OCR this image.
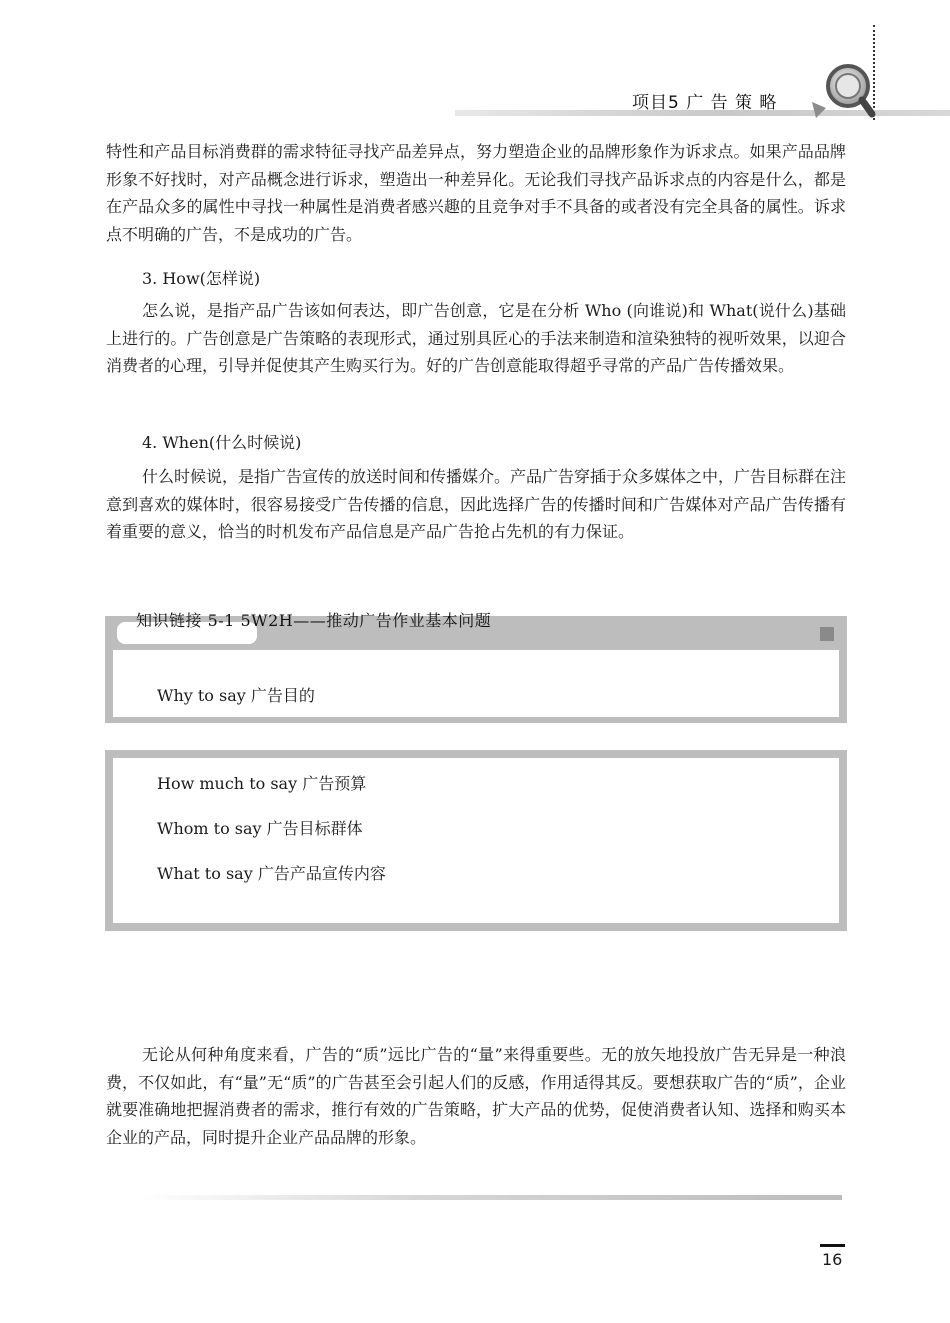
项目5 广 告 策 略

特性和产品目标消费群的需求特征寻找产品差异点，努力塑造企业的品牌形象作为诉求点。如果产品品牌形象不好找时，对产品概念进行诉求，塑造出一种差异化。无论我们寻找产品诉求点的内容是什么，都是在产品众多的属性中寻找一种属性是消费者感兴趣的且竞争对手不具备的或者没有完全具备的属性。诉求点不明确的广告，不是成功的广告。

3. How(怎样说)

怎么说，是指产品广告该如何表达，即广告创意，它是在分析 Who (向谁说)和 What(说什么)基础上进行的。广告创意是广告策略的表现形式，通过别具匠心的手法来制造和渲染独特的视听效果，以迎合消费者的心理，引导并促使其产生购买行为。好的广告创意能取得超乎寻常的产品广告传播效果。

4. When(什么时候说)

什么时候说，是指广告宣传的放送时间和传播媒介。产品广告穿插于众多媒体之中，广告目标群在注意到喜欢的媒体时，很容易接受广告传播的信息，因此选择广告的传播时间和广告媒体对产品广告传播有着重要的意义，恰当的时机发布产品信息是产品广告抢占先机的有力保证。

知识链接 5-1 5W2H——推动广告作业基本问题
Why to say 广告目的
How much to say 广告预算
Whom to say 广告目标群体
What to say 广告产品宣传内容

无论从何种角度来看，广告的“质”远比广告的“量”来得重要些。无的放矢地投放广告无异是一种浪费，不仅如此，有“量”无“质”的广告甚至会引起人们的反感，作用适得其反。要想获取广告的“质”，企业就要准确地把握消费者的需求，推行有效的广告策略，扩大产品的优势，促使消费者认知、选择和购买本企业的产品，同时提升企业产品品牌的形象。

16
